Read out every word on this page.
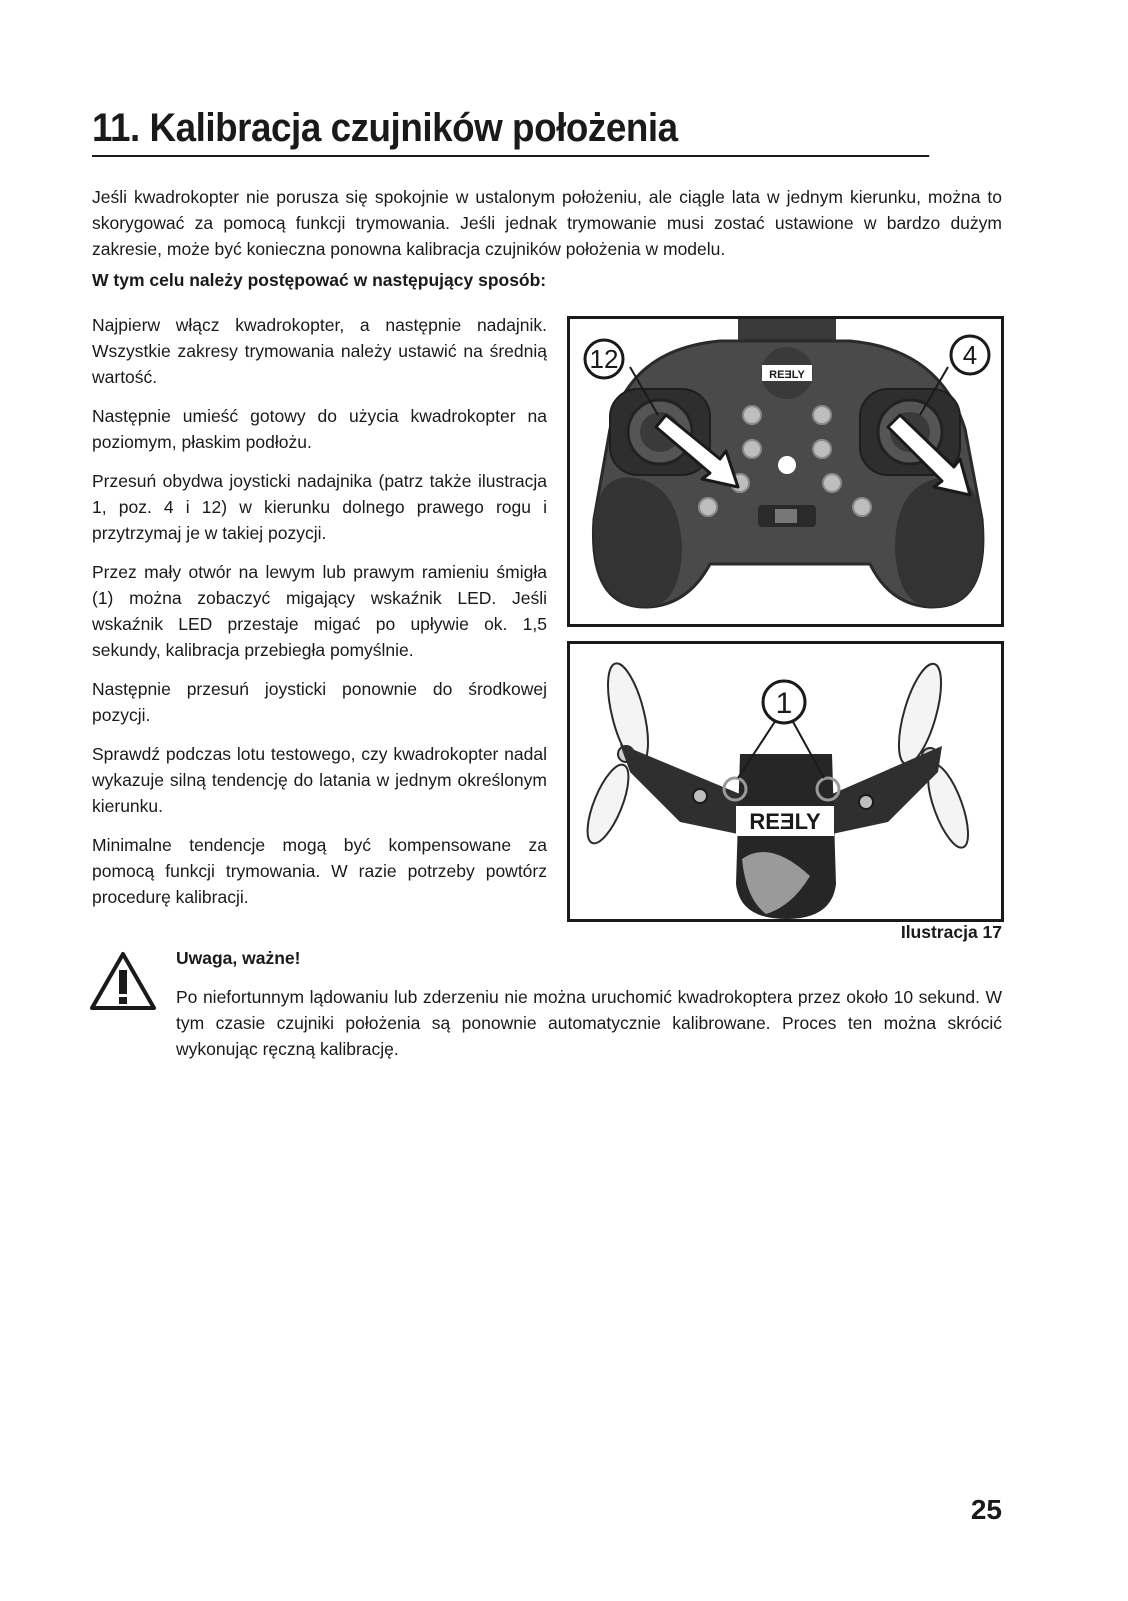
11. Kalibracja czujników położenia

Jeśli kwadrokopter nie porusza się spokojnie w ustalonym położeniu, ale ciągle lata w jednym kierunku, można to skorygować za pomocą funkcji trymowania. Jeśli jednak trymowanie musi zostać ustawione w bardzo dużym zakresie, może być konieczna ponowna kalibracja czujników położenia w modelu.

W tym celu należy postępować w następujący sposób:

Najpierw włącz kwadrokopter, a następnie nadajnik. Wszystkie zakresy trymowania należy ustawić na średnią wartość.

Następnie umieść gotowy do użycia kwadrokopter na poziomym, płaskim podłożu.

Przesuń obydwa joysticki nadajnika (patrz także ilustracja 1, poz. 4 i 12) w kierunku dolnego prawego rogu i przytrzymaj je w takiej pozycji.

Przez mały otwór na lewym lub prawym ramieniu śmigła (1) można zobaczyć migający wskaźnik LED. Jeśli wskaźnik LED przestaje migać po upływie ok. 1,5 sekundy, kalibracja przebiegła pomyślnie.

Następnie przesuń joysticki ponownie do środkowej pozycji.

Sprawdź podczas lotu testowego, czy kwadrokopter nadal wykazuje silną tendencję do latania w jednym określonym kierunku.

Minimalne tendencje mogą być kompensowane za pomocą funkcji trymowania. W razie potrzeby powtórz procedurę kalibracji.

REƎLY
12	4
REƎLY
1

Ilustracja 17

Uwaga, ważne!

Po niefortunnym lądowaniu lub zderzeniu nie można uruchomić kwadrokoptera przez około 10 sekund. W tym czasie czujniki położenia są ponownie automatycznie kalibrowane. Proces ten można skrócić wykonując ręczną kalibrację.

25
